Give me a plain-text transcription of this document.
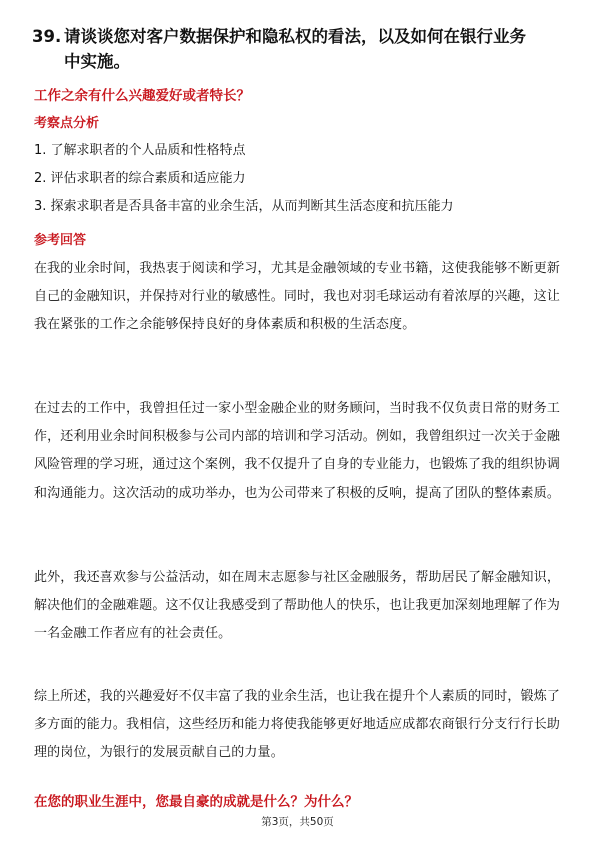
39. 请谈谈您对客户数据保护和隐私权的看法，以及如何在银行业务
中实施。
工作之余有什么兴趣爱好或者特长？
考察点分析
1. 了解求职者的个人品质和性格特点
2. 评估求职者的综合素质和适应能力
3. 探索求职者是否具备丰富的业余生活，从而判断其生活态度和抗压能力
参考回答
在我的业余时间，我热衷于阅读和学习，尤其是金融领域的专业书籍，这使我能够不断更新自己的金融知识，并保持对行业的敏感性。同时，我也对羽毛球运动有着浓厚的兴趣，这让我在紧张的工作之余能够保持良好的身体素质和积极的生活态度。
在过去的工作中，我曾担任过一家小型金融企业的财务顾问，当时我不仅负责日常的财务工作，还利用业余时间积极参与公司内部的培训和学习活动。例如，我曾组织过一次关于金融风险管理的学习班，通过这个案例，我不仅提升了自身的专业能力，也锻炼了我的组织协调和沟通能力。这次活动的成功举办，也为公司带来了积极的反响，提高了团队的整体素质。
此外，我还喜欢参与公益活动，如在周末志愿参与社区金融服务，帮助居民了解金融知识，解决他们的金融难题。这不仅让我感受到了帮助他人的快乐，也让我更加深刻地理解了作为一名金融工作者应有的社会责任。
综上所述，我的兴趣爱好不仅丰富了我的业余生活，也让我在提升个人素质的同时，锻炼了多方面的能力。我相信，这些经历和能力将使我能够更好地适应成都农商银行分支行行长助理的岗位，为银行的发展贡献自己的力量。
在您的职业生涯中，您最自豪的成就是什么？为什么？
第3页，共50页
